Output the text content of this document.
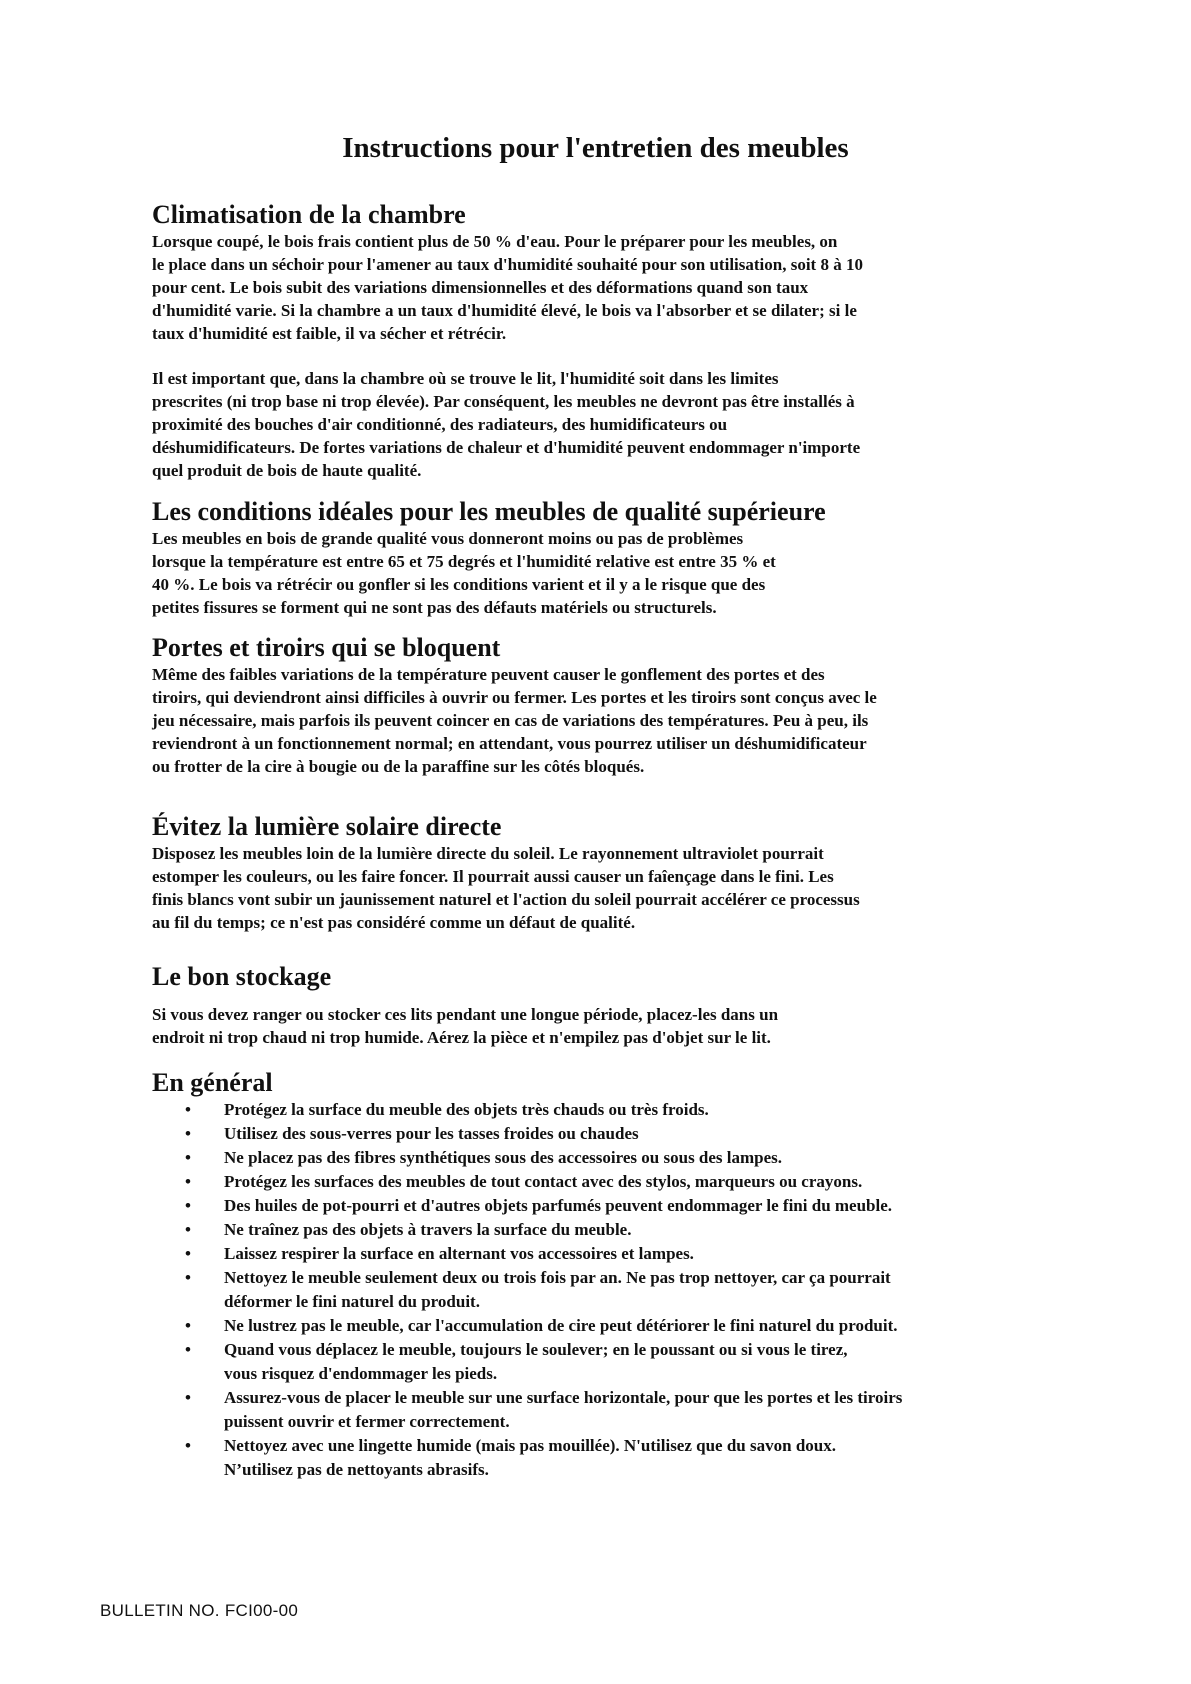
Instructions pour l'entretien des meubles
Climatisation de la chambre

Lorsque coupé, le bois frais contient plus de 50 % d'eau. Pour le préparer pour les meubles, on
le place dans un séchoir pour l'amener au taux d'humidité souhaité pour son utilisation, soit 8 à 10
pour cent. Le bois subit des variations dimensionnelles et des déformations quand son taux
d'humidité varie. Si la chambre a un taux d'humidité élevé, le bois va l'absorber et se dilater; si le
taux d'humidité est faible, il va sécher et rétrécir.

Il est important que, dans la chambre où se trouve le lit, l'humidité soit dans les limites
prescrites (ni trop base ni trop élevée). Par conséquent, les meubles ne devront pas être installés à
proximité des bouches d'air conditionné, des radiateurs, des humidificateurs ou
déshumidificateurs. De fortes variations de chaleur et d'humidité peuvent endommager n'importe
quel produit de bois de haute qualité.

Les conditions idéales pour les meubles de qualité supérieure

Les meubles en bois de grande qualité vous donneront moins ou pas de problèmes
lorsque la température est entre 65 et 75 degrés et l'humidité relative est entre 35 % et
40 %. Le bois va rétrécir ou gonfler si les conditions varient et il y a le risque que des
petites fissures se forment qui ne sont pas des défauts matériels ou structurels.

Portes et tiroirs qui se bloquent

Même des faibles variations de la température peuvent causer le gonflement des portes et des
tiroirs, qui deviendront ainsi difficiles à ouvrir ou fermer. Les portes et les tiroirs sont conçus avec le
jeu nécessaire, mais parfois ils peuvent coincer en cas de variations des températures. Peu à peu, ils
reviendront à un fonctionnement normal; en attendant, vous pourrez utiliser un déshumidificateur
ou frotter de la cire à bougie ou de la paraffine sur les côtés bloqués.

Évitez la lumière solaire directe

Disposez les meubles loin de la lumière directe du soleil. Le rayonnement ultraviolet pourrait
estomper les couleurs, ou les faire foncer. Il pourrait aussi causer un faîençage dans le fini. Les
finis blancs vont subir un jaunissement naturel et l'action du soleil pourrait accélérer ce processus
au fil du temps; ce n'est pas considéré comme un défaut de qualité.

Le bon stockage

Si vous devez ranger ou stocker ces lits pendant une longue période, placez-les dans un
endroit ni trop chaud ni trop humide. Aérez la pièce et n'empilez pas d'objet sur le lit.

En général
• Protégez la surface du meuble des objets très chauds ou très froids.
• Utilisez des sous-verres pour les tasses froides ou chaudes
• Ne placez pas des fibres synthétiques sous des accessoires ou sous des lampes.
• Protégez les surfaces des meubles de tout contact avec des stylos, marqueurs ou crayons.
• Des huiles de pot-pourri et d'autres objets parfumés peuvent endommager le fini du meuble.
• Ne traînez pas des objets à travers la surface du meuble.
• Laissez respirer la surface en alternant vos accessoires et lampes.
• Nettoyez le meuble seulement deux ou trois fois par an. Ne pas trop nettoyer, car ça pourrait
déformer le fini naturel du produit.
• Ne lustrez pas le meuble, car l'accumulation de cire peut détériorer le fini naturel du produit.
• Quand vous déplacez le meuble, toujours le soulever; en le poussant ou si vous le tirez,
vous risquez d'endommager les pieds.
• Assurez-vous de placer le meuble sur une surface horizontale, pour que les portes et les tiroirs
puissent ouvrir et fermer correctement.
• Nettoyez avec une lingette humide (mais pas mouillée). N'utilisez que du savon doux.
N’utilisez pas de nettoyants abrasifs.
BULLETIN NO. FCI00-00
